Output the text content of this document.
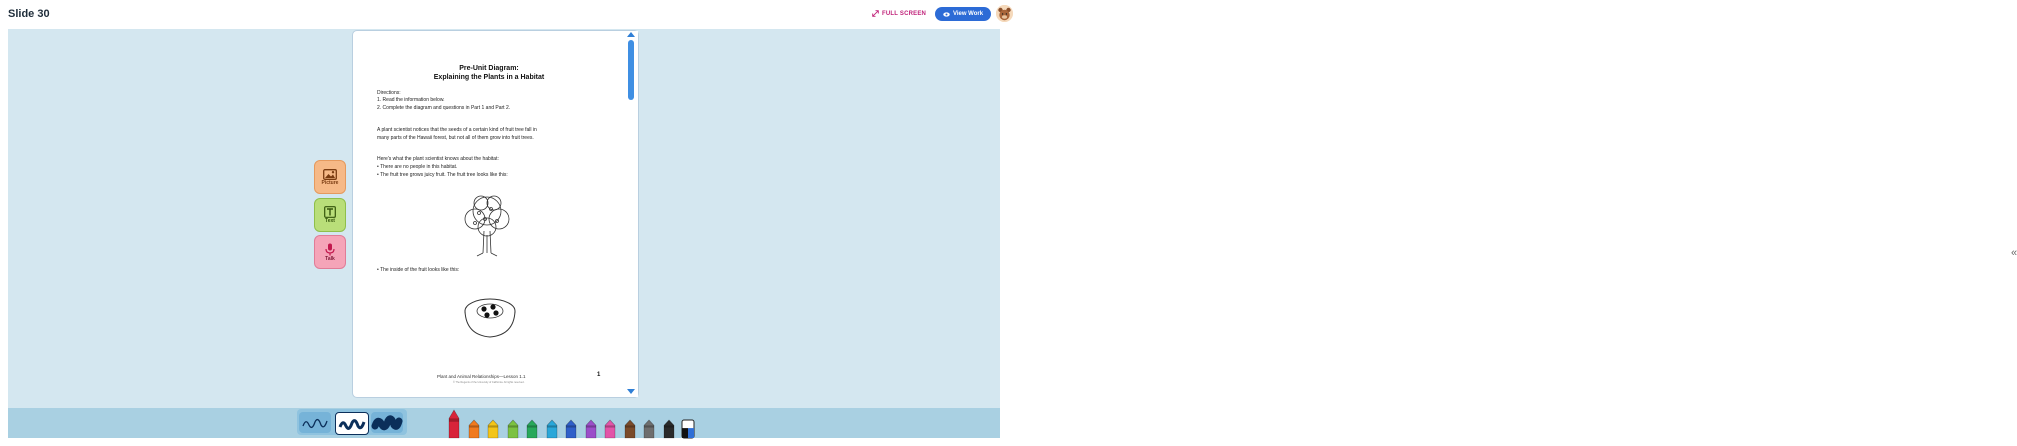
Slide 30	FULL SCREEN	View Work
«
Pre-Unit Diagram:
Explaining the Plants in a Habitat
Directions:
1. Read the information below.
2. Complete the diagram and questions in Part 1 and Part 2.
A plant scientist notices that the seeds of a certain kind of fruit tree fall in
many parts of the Hawaii forest, but not all of them grow into fruit trees.
Here's what the plant scientist knows about the habitat:
• There are no people in this habitat.
• The fruit tree grows juicy fruit. The fruit tree looks like this:
• The inside of the fruit looks like this:
Plant and Animal Relationships—Lesson 1.1
© The Regents of the University of California. All rights reserved.
1
Picture
Text
Talk
